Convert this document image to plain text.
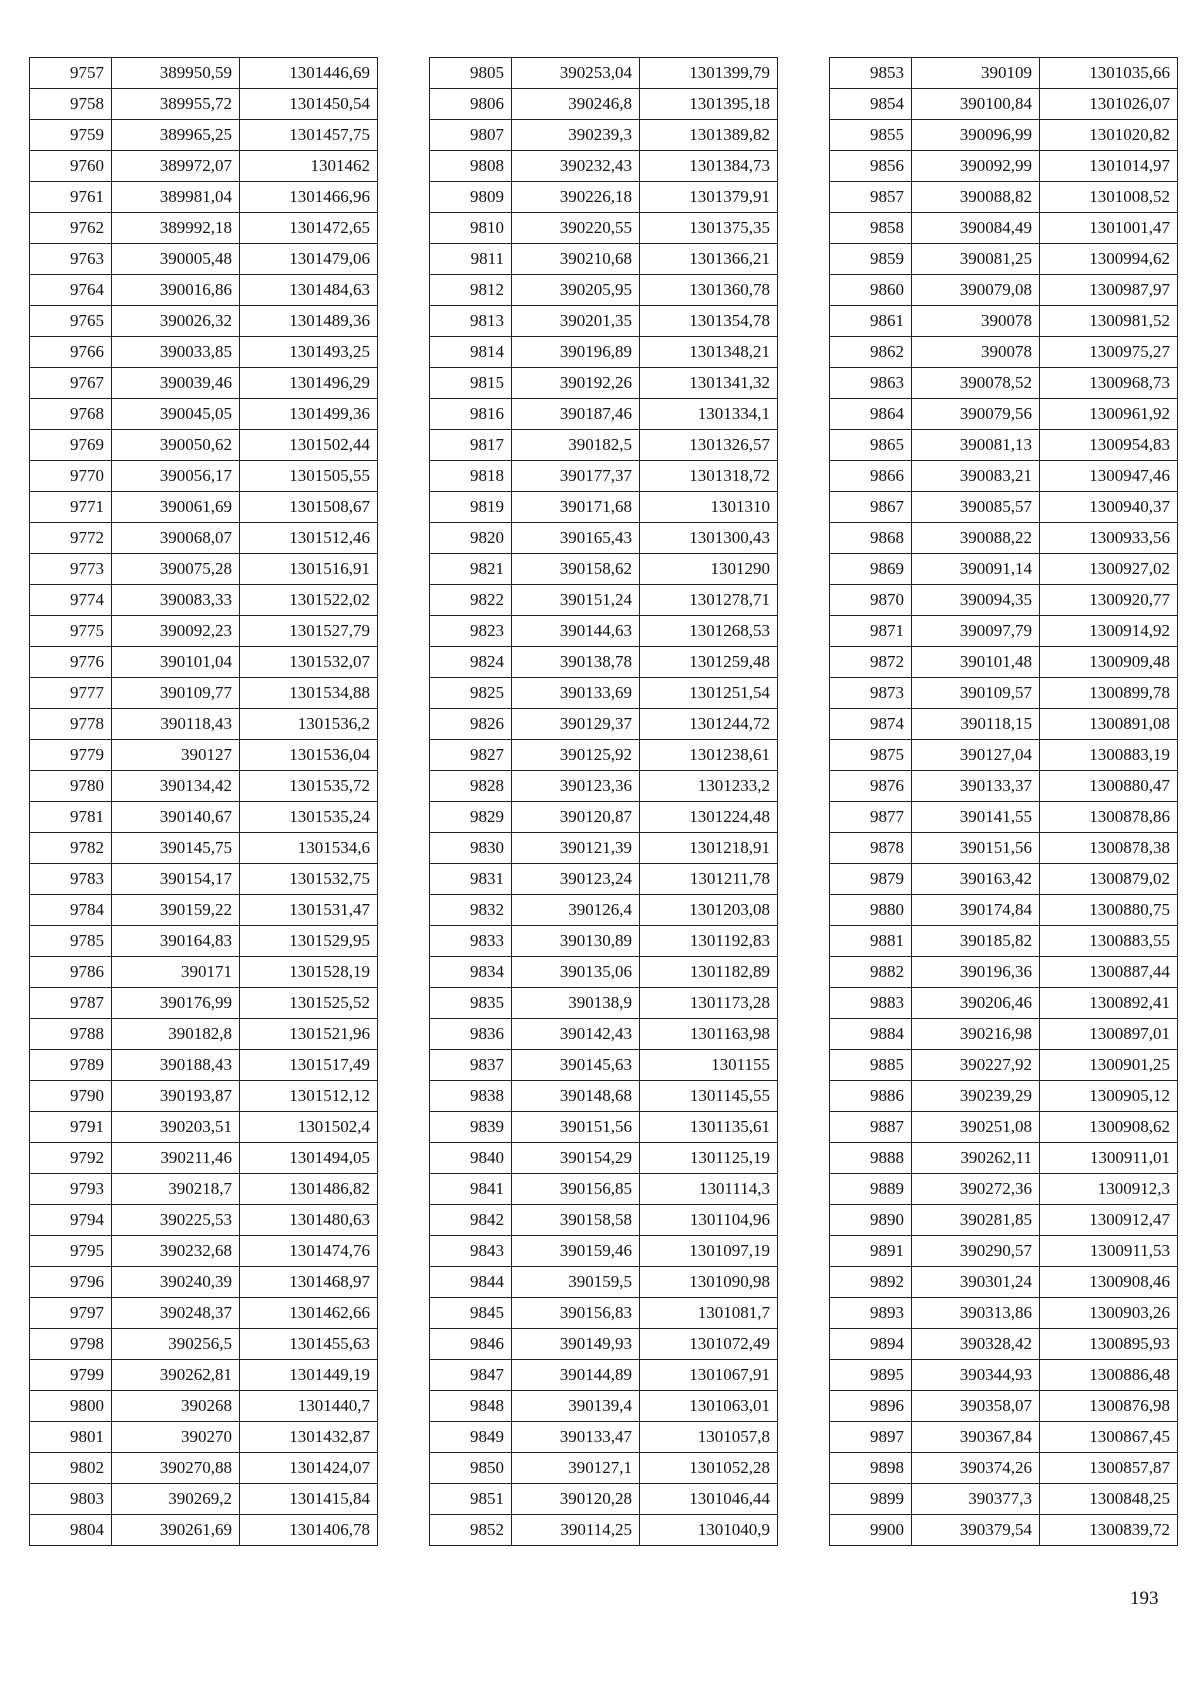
9757	389950,59	1301446,69
9758	389955,72	1301450,54
9759	389965,25	1301457,75
9760	389972,07	1301462
9761	389981,04	1301466,96
9762	389992,18	1301472,65
9763	390005,48	1301479,06
9764	390016,86	1301484,63
9765	390026,32	1301489,36
9766	390033,85	1301493,25
9767	390039,46	1301496,29
9768	390045,05	1301499,36
9769	390050,62	1301502,44
9770	390056,17	1301505,55
9771	390061,69	1301508,67
9772	390068,07	1301512,46
9773	390075,28	1301516,91
9774	390083,33	1301522,02
9775	390092,23	1301527,79
9776	390101,04	1301532,07
9777	390109,77	1301534,88
9778	390118,43	1301536,2
9779	390127	1301536,04
9780	390134,42	1301535,72
9781	390140,67	1301535,24
9782	390145,75	1301534,6
9783	390154,17	1301532,75
9784	390159,22	1301531,47
9785	390164,83	1301529,95
9786	390171	1301528,19
9787	390176,99	1301525,52
9788	390182,8	1301521,96
9789	390188,43	1301517,49
9790	390193,87	1301512,12
9791	390203,51	1301502,4
9792	390211,46	1301494,05
9793	390218,7	1301486,82
9794	390225,53	1301480,63
9795	390232,68	1301474,76
9796	390240,39	1301468,97
9797	390248,37	1301462,66
9798	390256,5	1301455,63
9799	390262,81	1301449,19
9800	390268	1301440,7
9801	390270	1301432,87
9802	390270,88	1301424,07
9803	390269,2	1301415,84
9804	390261,69	1301406,78
9805	390253,04	1301399,79
9806	390246,8	1301395,18
9807	390239,3	1301389,82
9808	390232,43	1301384,73
9809	390226,18	1301379,91
9810	390220,55	1301375,35
9811	390210,68	1301366,21
9812	390205,95	1301360,78
9813	390201,35	1301354,78
9814	390196,89	1301348,21
9815	390192,26	1301341,32
9816	390187,46	1301334,1
9817	390182,5	1301326,57
9818	390177,37	1301318,72
9819	390171,68	1301310
9820	390165,43	1301300,43
9821	390158,62	1301290
9822	390151,24	1301278,71
9823	390144,63	1301268,53
9824	390138,78	1301259,48
9825	390133,69	1301251,54
9826	390129,37	1301244,72
9827	390125,92	1301238,61
9828	390123,36	1301233,2
9829	390120,87	1301224,48
9830	390121,39	1301218,91
9831	390123,24	1301211,78
9832	390126,4	1301203,08
9833	390130,89	1301192,83
9834	390135,06	1301182,89
9835	390138,9	1301173,28
9836	390142,43	1301163,98
9837	390145,63	1301155
9838	390148,68	1301145,55
9839	390151,56	1301135,61
9840	390154,29	1301125,19
9841	390156,85	1301114,3
9842	390158,58	1301104,96
9843	390159,46	1301097,19
9844	390159,5	1301090,98
9845	390156,83	1301081,7
9846	390149,93	1301072,49
9847	390144,89	1301067,91
9848	390139,4	1301063,01
9849	390133,47	1301057,8
9850	390127,1	1301052,28
9851	390120,28	1301046,44
9852	390114,25	1301040,9
9853	390109	1301035,66
9854	390100,84	1301026,07
9855	390096,99	1301020,82
9856	390092,99	1301014,97
9857	390088,82	1301008,52
9858	390084,49	1301001,47
9859	390081,25	1300994,62
9860	390079,08	1300987,97
9861	390078	1300981,52
9862	390078	1300975,27
9863	390078,52	1300968,73
9864	390079,56	1300961,92
9865	390081,13	1300954,83
9866	390083,21	1300947,46
9867	390085,57	1300940,37
9868	390088,22	1300933,56
9869	390091,14	1300927,02
9870	390094,35	1300920,77
9871	390097,79	1300914,92
9872	390101,48	1300909,48
9873	390109,57	1300899,78
9874	390118,15	1300891,08
9875	390127,04	1300883,19
9876	390133,37	1300880,47
9877	390141,55	1300878,86
9878	390151,56	1300878,38
9879	390163,42	1300879,02
9880	390174,84	1300880,75
9881	390185,82	1300883,55
9882	390196,36	1300887,44
9883	390206,46	1300892,41
9884	390216,98	1300897,01
9885	390227,92	1300901,25
9886	390239,29	1300905,12
9887	390251,08	1300908,62
9888	390262,11	1300911,01
9889	390272,36	1300912,3
9890	390281,85	1300912,47
9891	390290,57	1300911,53
9892	390301,24	1300908,46
9893	390313,86	1300903,26
9894	390328,42	1300895,93
9895	390344,93	1300886,48
9896	390358,07	1300876,98
9897	390367,84	1300867,45
9898	390374,26	1300857,87
9899	390377,3	1300848,25
9900	390379,54	1300839,72
193
